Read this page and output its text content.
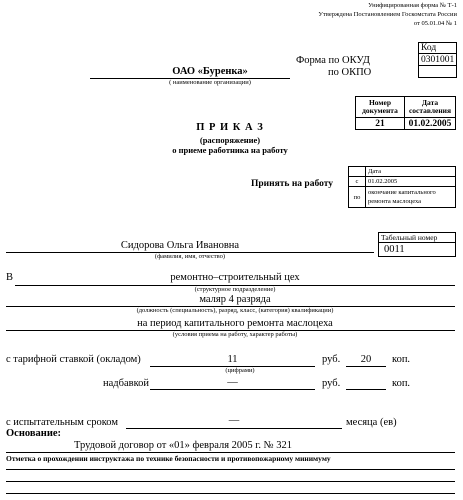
Унифицированная форма № Т-1
Утверждена Постановлением Госкомстата России
от 05.01.04 № 1
Форма по ОКУД
по ОКПО
Код
0301001

ОАО «Буренка»
( наименование организации)
Номер документа	Дата составления
21	01.02.2005
П Р И К А З
(распоряжение)
о приеме работника на работу
Принять на работу
	Дата
с	01.02.2005
по	окончание капитального ремонта маслоцеха
Табельный номер
0011
Сидорова Ольга Ивановна
(фамилия, имя, отчество)
В	ремонтно–строительный цех
(структурное подразделение)
маляр 4 разряда
(должность (специальность), разряд, класс, (категория) квалификации)
на период капитального ремонта маслоцеха
(условия приема на работу, характер работы)
с тарифной ставкой (окладом)	11	руб.	20	коп.
(цифрами)
надбавкой	—	руб.	коп.
с испытательным сроком	—	месяца (ев)
Основание:
Трудовой договор от «01» февраля 2005 г. № 321
Отметка о прохождении инструктажа по технике безопасности и противопожарному минимуму
